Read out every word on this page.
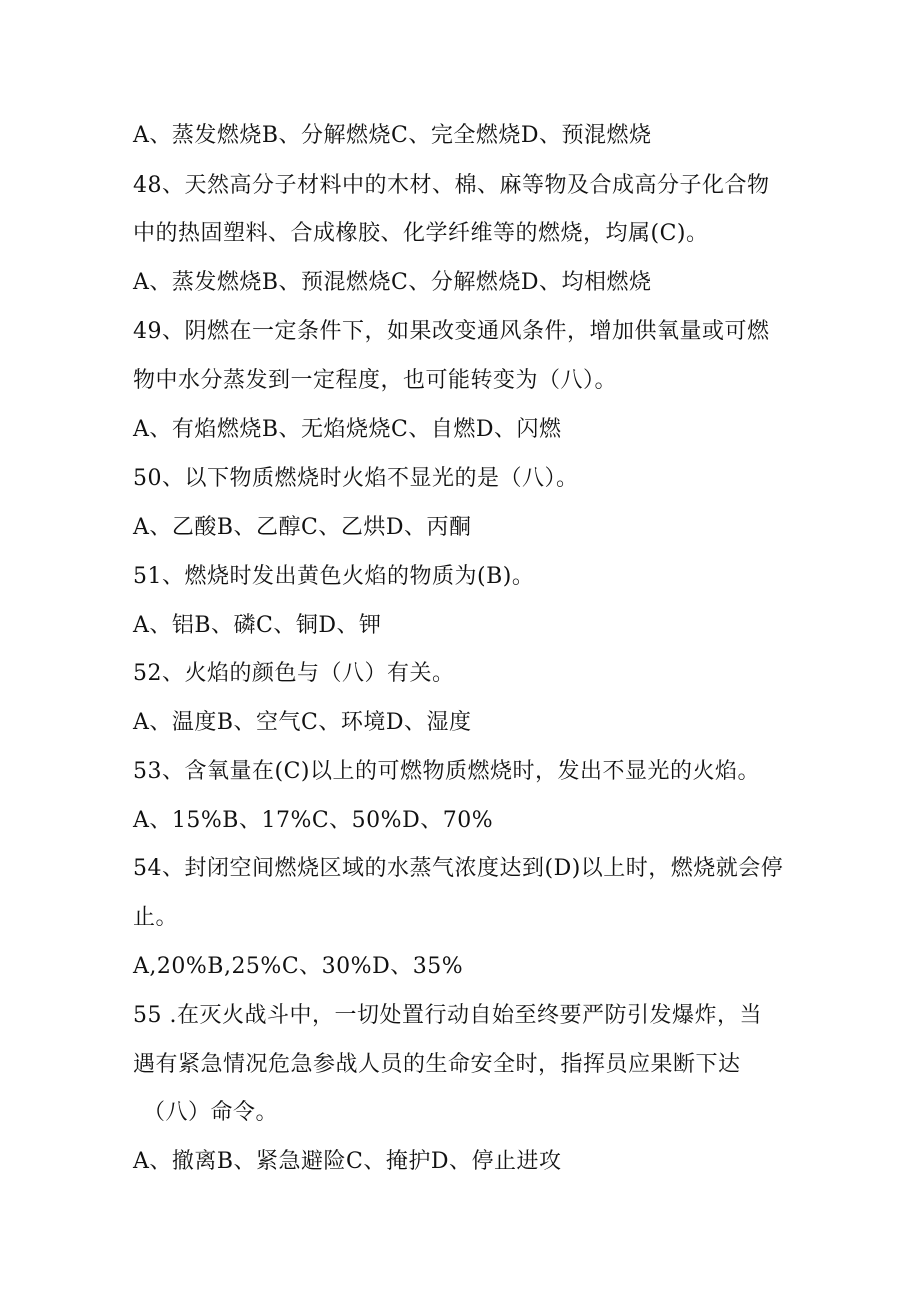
A、蒸发燃烧B、分解燃烧C、完全燃烧D、预混燃烧
48、天然高分子材料中的木材、棉、麻等物及合成高分子化合物
中的热固塑料、合成橡胶、化学纤维等的燃烧，均属(C)。
A、蒸发燃烧B、预混燃烧C、分解燃烧D、均相燃烧
49、阴燃在一定条件下，如果改变通风条件，增加供氧量或可燃
物中水分蒸发到一定程度，也可能转变为（八）。
A、有焰燃烧B、无焰烧烧C、自燃D、闪燃
50、以下物质燃烧时火焰不显光的是（八）。
A、乙酸B、乙醇C、乙烘D、丙酮
51、燃烧时发出黄色火焰的物质为(B)。
A、铝B、磷C、铜D、钾
52、火焰的颜色与（八）有关。
A、温度B、空气C、环境D、湿度
53、含氧量在(C)以上的可燃物质燃烧时，发出不显光的火焰。
A、15%B、17%C、50%D、70%
54、封闭空间燃烧区域的水蒸气浓度达到(D)以上时，燃烧就会停
止。
A,20%B,25%C、30%D、35%
55 .在灭火战斗中，一切处置行动自始至终要严防引发爆炸，当
遇有紧急情况危急参战人员的生命安全时，指挥员应果断下达
（八）命令。
A、撤离B、紧急避险C、掩护D、停止进攻
